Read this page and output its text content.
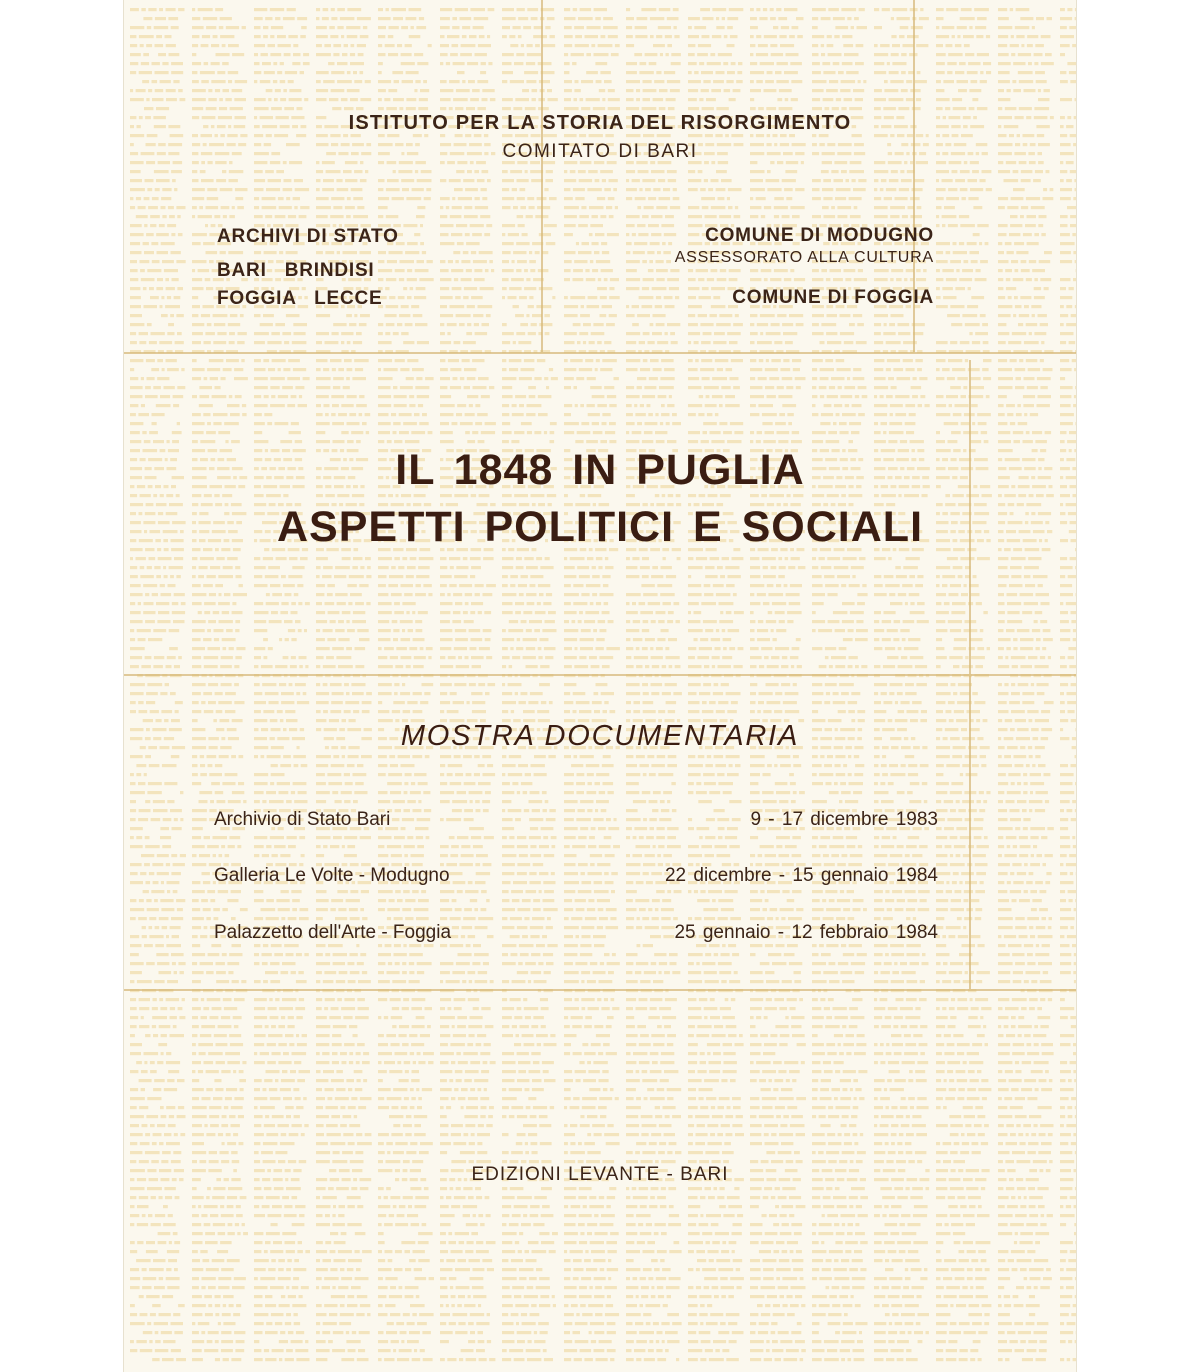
ISTITUTO PER LA STORIA DEL RISORGIMENTO
COMITATO DI BARI
ARCHIVI DI STATO
BARI BRINDISI
FOGGIA LECCE
COMUNE DI MODUGNO
ASSESSORATO ALLA CULTURA
COMUNE DI FOGGIA
IL 1848 IN PUGLIA
ASPETTI POLITICI E SOCIALI
MOSTRA DOCUMENTARIA
Archivio di Stato Bari	9 - 17 dicembre 1983
Galleria Le Volte - Modugno	22 dicembre - 15 gennaio 1984
Palazzetto dell'Arte - Foggia	25 gennaio - 12 febbraio 1984
EDIZIONI LEVANTE - BARI
